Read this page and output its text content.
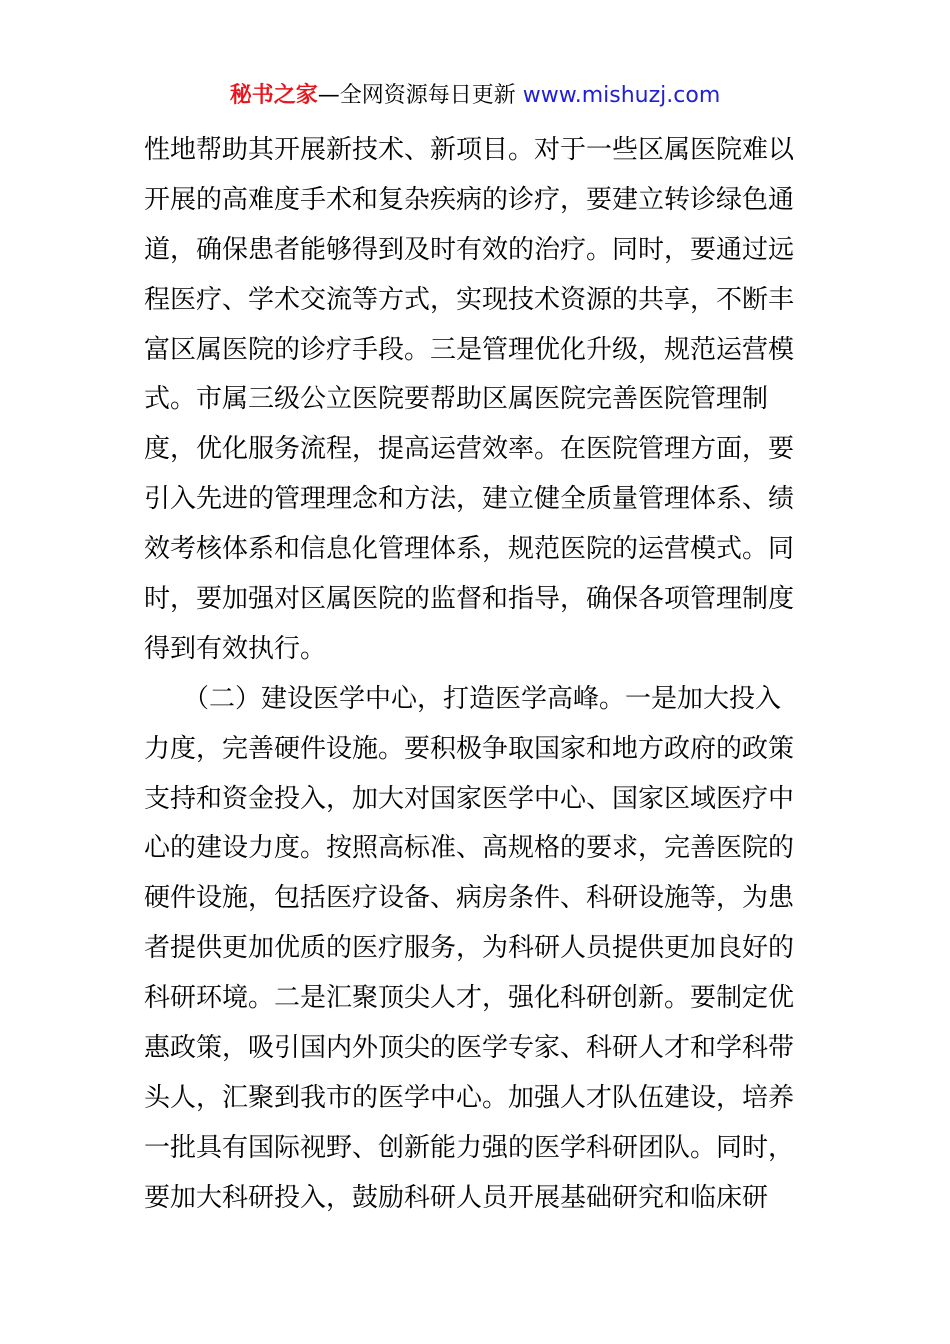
秘书之家—全网资源每日更新 www.mishuzj.com
性地帮助其开展新技术、新项目。对于一些区属医院难以
开展的高难度手术和复杂疾病的诊疗，要建立转诊绿色通
道，确保患者能够得到及时有效的治疗。同时，要通过远
程医疗、学术交流等方式，实现技术资源的共享，不断丰
富区属医院的诊疗手段。三是管理优化升级，规范运营模
式。市属三级公立医院要帮助区属医院完善医院管理制
度，优化服务流程，提高运营效率。在医院管理方面，要
引入先进的管理理念和方法，建立健全质量管理体系、绩
效考核体系和信息化管理体系，规范医院的运营模式。同
时，要加强对区属医院的监督和指导，确保各项管理制度
得到有效执行。
　　（二）建设医学中心，打造医学高峰。一是加大投入
力度，完善硬件设施。要积极争取国家和地方政府的政策
支持和资金投入，加大对国家医学中心、国家区域医疗中
心的建设力度。按照高标准、高规格的要求，完善医院的
硬件设施，包括医疗设备、病房条件、科研设施等，为患
者提供更加优质的医疗服务，为科研人员提供更加良好的
科研环境。二是汇聚顶尖人才，强化科研创新。要制定优
惠政策，吸引国内外顶尖的医学专家、科研人才和学科带
头人，汇聚到我市的医学中心。加强人才队伍建设，培养
一批具有国际视野、创新能力强的医学科研团队。同时，
要加大科研投入，鼓励科研人员开展基础研究和临床研
